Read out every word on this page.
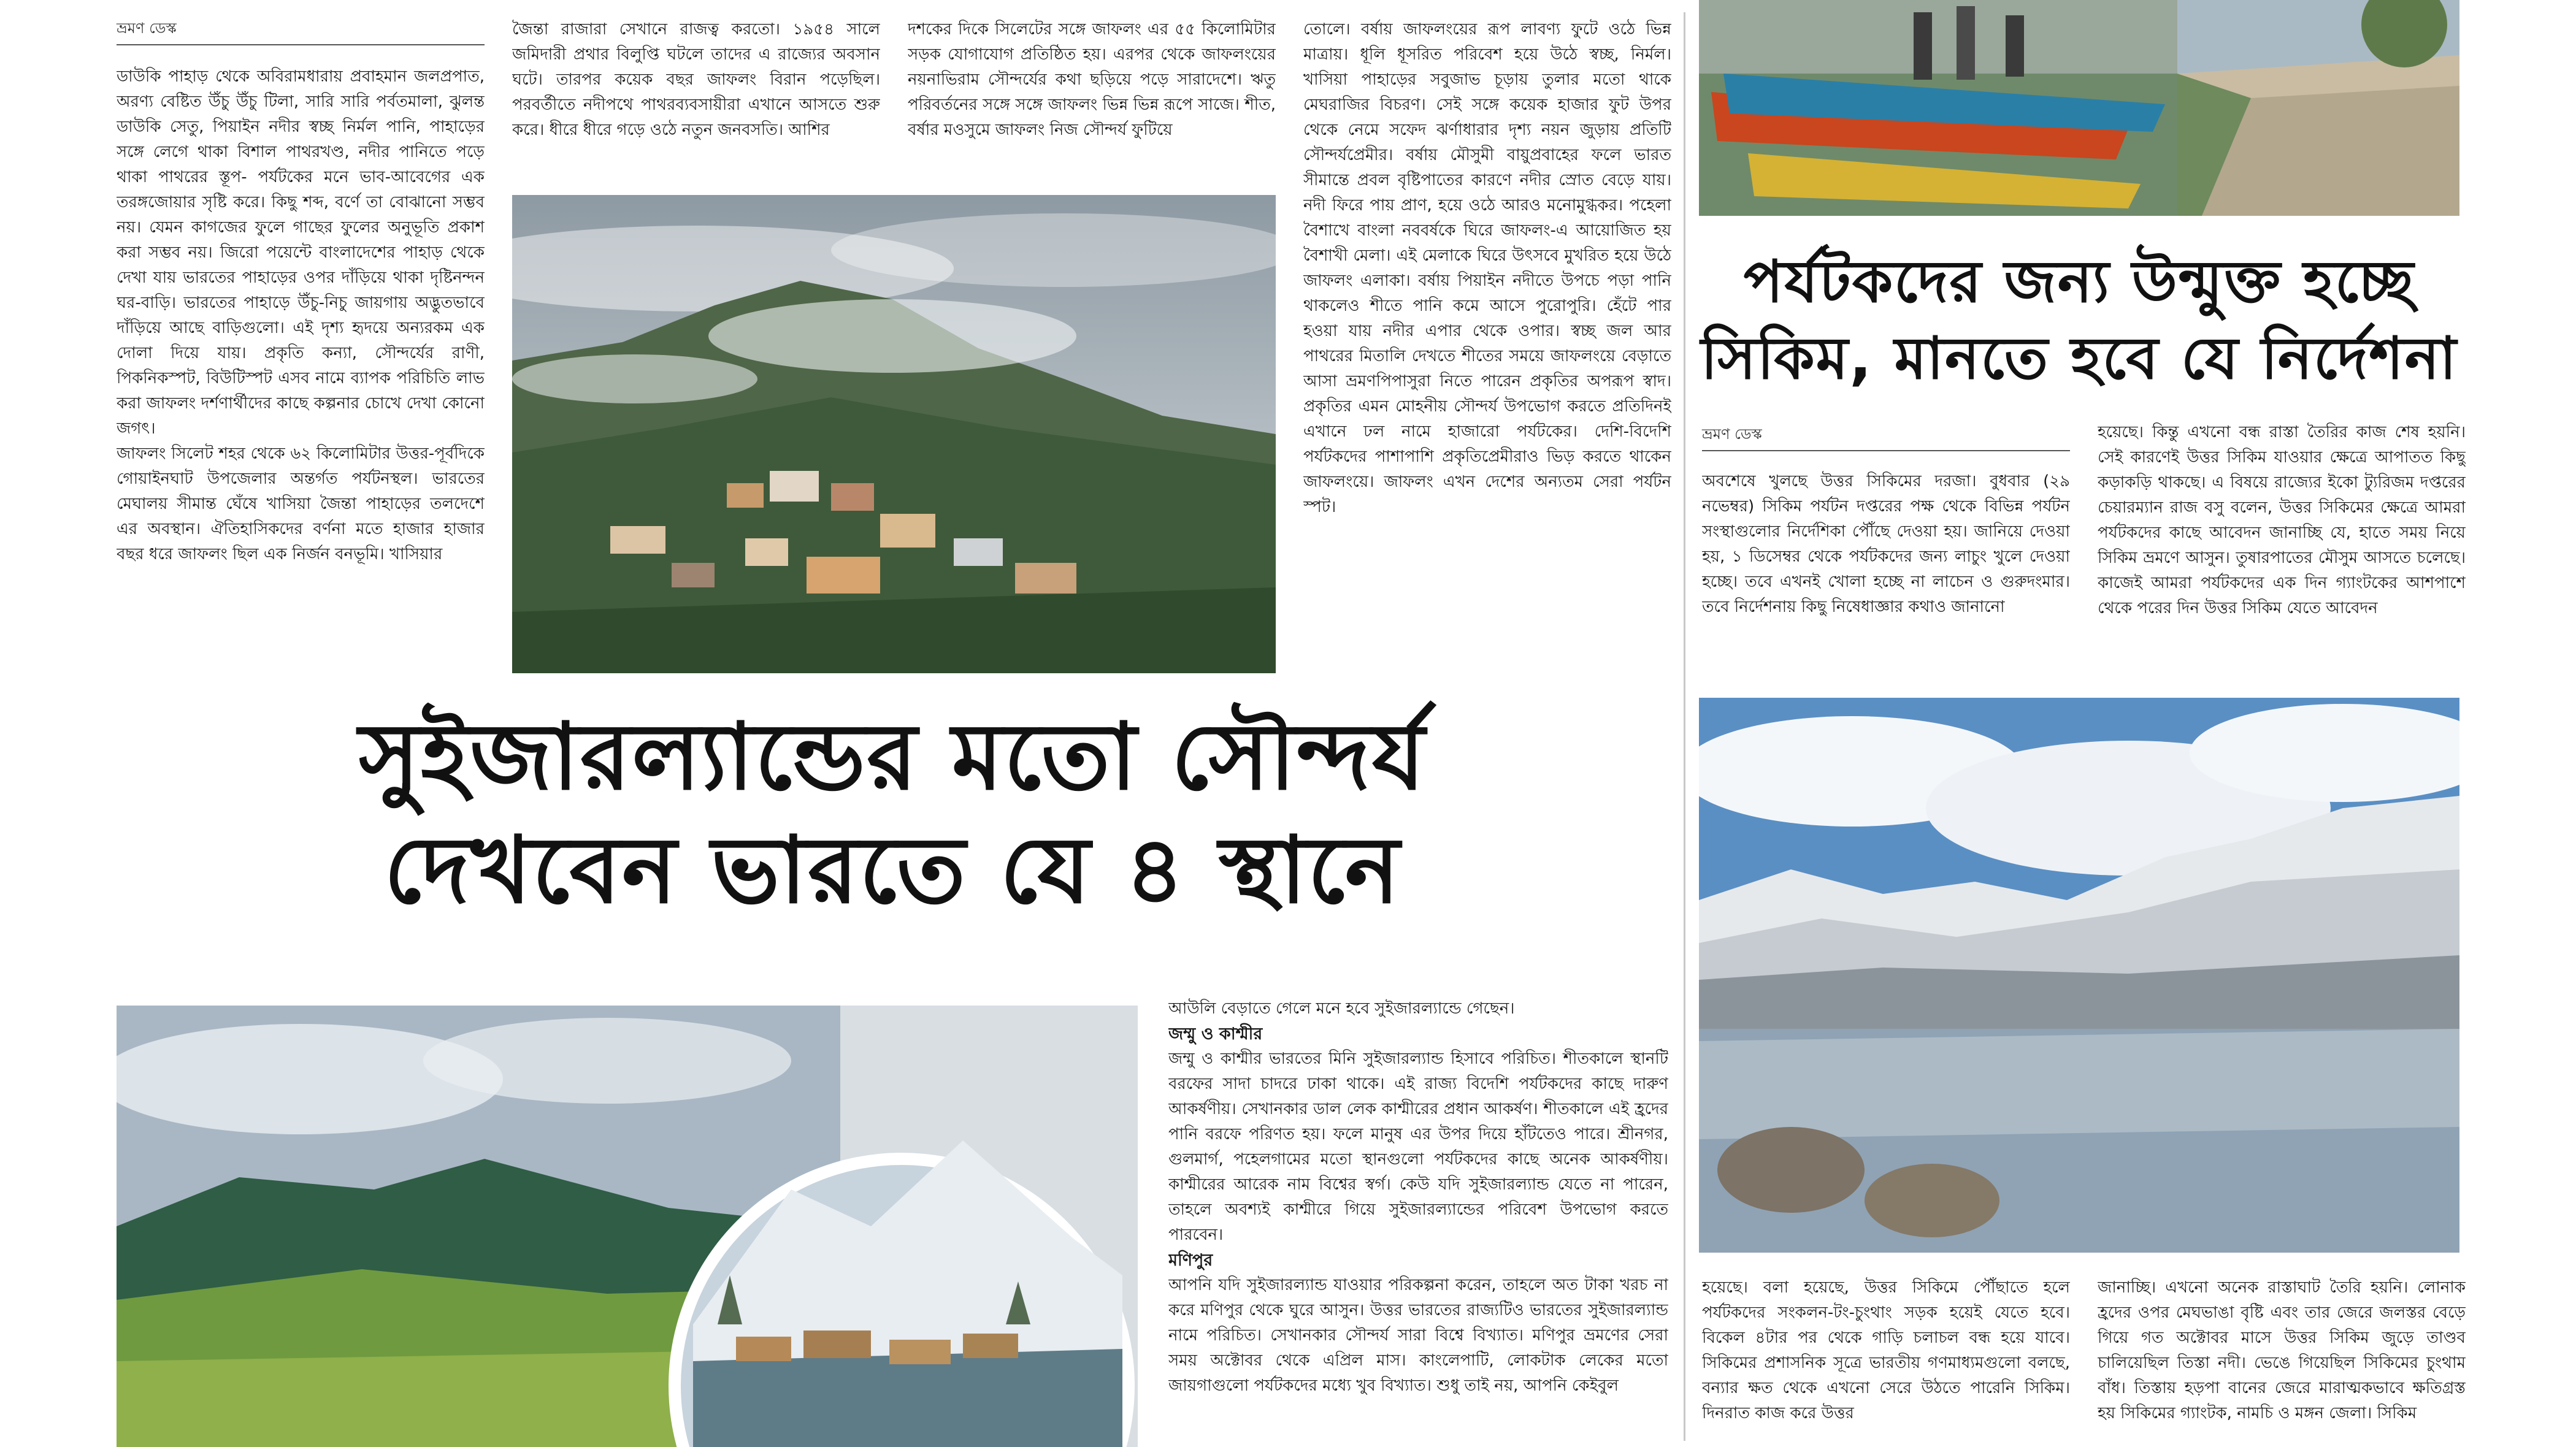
ভ্রমণ ডেস্ক

ডাউকি পাহাড় থেকে অবিরামধারায় প্রবাহমান জলপ্রপাত, অরণ্য বেষ্টিত উঁচু উঁচু টিলা, সারি সারি পর্বতমালা, ঝুলন্ত ডাউকি সেতু, পিয়াইন নদীর স্বচ্ছ নির্মল পানি, পাহাড়ের সঙ্গে লেগে থাকা বিশাল পাথরখণ্ড, নদীর পানিতে পড়ে থাকা পাথরের স্তূপ- পর্যটকের মনে ভাব-আবেগের এক তরঙ্গজোয়ার সৃষ্টি করে। কিছু শব্দ, বর্ণে তা বোঝানো সম্ভব নয়। যেমন কাগজের ফুলে গাছের ফুলের অনুভূতি প্রকাশ করা সম্ভব নয়। জিরো পয়েন্টে বাংলাদেশের পাহাড় থেকে দেখা যায় ভারতের পাহাড়ের ওপর দাঁড়িয়ে থাকা দৃষ্টিনন্দন ঘর-বাড়ি। ভারতের পাহাড়ে উঁচু-নিচু জায়গায় অদ্ভুতভাবে দাঁড়িয়ে আছে বাড়িগুলো। এই দৃশ্য হৃদয়ে অন্যরকম এক দোলা দিয়ে যায়। প্রকৃতি কন্যা, সৌন্দর্যের রাণী, পিকনিকস্পট, বিউটিস্পট এসব নামে ব্যাপক পরিচিতি লাভ করা জাফলং দর্শণার্থীদের কাছে কল্পনার চোখে দেখা কোনো জগৎ।

জাফলং সিলেট শহর থেকে ৬২ কিলোমিটার উত্তর-পূর্বদিকে গোয়াইনঘাট উপজেলার অন্তর্গত পর্যটনস্থল। ভারতের মেঘালয় সীমান্ত ঘেঁষে খাসিয়া জৈন্তা পাহাড়ের তলদেশে এর অবস্থান। ঐতিহাসিকদের বর্ণনা মতে হাজার হাজার বছর ধরে জাফলং ছিল এক নির্জন বনভূমি। খাসিয়ার

জৈন্তা রাজারা সেখানে রাজত্ব করতো। ১৯৫৪ সালে জমিদারী প্রথার বিলুপ্তি ঘটলে তাদের এ রাজ্যের অবসান ঘটে। তারপর কয়েক বছর জাফলং বিরান পড়েছিল। পরবর্তীতে নদীপথে পাথরব্যবসায়ীরা এখানে আসতে শুরু করে। ধীরে ধীরে গড়ে ওঠে নতুন জনবসতি। আশির

দশকের দিকে সিলেটের সঙ্গে জাফলং এর ৫৫ কিলোমিটার সড়ক যোগাযোগ প্রতিষ্ঠিত হয়। এরপর থেকে জাফলংয়ের নয়নাভিরাম সৌন্দর্যের কথা ছড়িয়ে পড়ে সারাদেশে। ঋতু পরিবর্তনের সঙ্গে সঙ্গে জাফলং ভিন্ন ভিন্ন রূপে সাজে। শীত, বর্ষার মওসুমে জাফলং নিজ সৌন্দর্য ফুটিয়ে

তোলে। বর্ষায় জাফলংয়ের রূপ লাবণ্য ফুটে ওঠে ভিন্ন মাত্রায়। ধূলি ধূসরিত পরিবেশ হয়ে উঠে স্বচ্ছ, নির্মল। খাসিয়া পাহাড়ের সবুজাভ চূড়ায় তুলার মতো থাকে মেঘরাজির বিচরণ। সেই সঙ্গে কয়েক হাজার ফুট উপর থেকে নেমে সফেদ ঝর্ণাধারার দৃশ্য নয়ন জুড়ায় প্রতিটি সৌন্দর্যপ্রেমীর। বর্ষায় মৌসুমী বায়ুপ্রবাহের ফলে ভারত সীমান্তে প্রবল বৃষ্টিপাতের কারণে নদীর স্রোত বেড়ে যায়। নদী ফিরে পায় প্রাণ, হয়ে ওঠে আরও মনোমুগ্ধকর। পহেলা বৈশাখে বাংলা নববর্ষকে ঘিরে জাফলং-এ আয়োজিত হয় বৈশাখী মেলা। এই মেলাকে ঘিরে উৎসবে মুখরিত হয়ে উঠে জাফলং এলাকা। বর্ষায় পিয়াইন নদীতে উপচে পড়া পানি থাকলেও শীতে পানি কমে আসে পুরোপুরি। হেঁটে পার হওয়া যায় নদীর এপার থেকে ওপার। স্বচ্ছ জল আর পাথরের মিতালি দেখতে শীতের সময়ে জাফলংয়ে বেড়াতে আসা ভ্রমণপিপাসুরা নিতে পারেন প্রকৃতির অপরূপ স্বাদ। প্রকৃতির এমন মোহনীয় সৌন্দর্য উপভোগ করতে প্রতিদিনই এখানে ঢল নামে হাজারো পর্যটকের। দেশি-বিদেশি পর্যটকদের পাশাপাশি প্রকৃতিপ্রেমীরাও ভিড় করতে থাকেন জাফলংয়ে। জাফলং এখন দেশের অন্যতম সেরা পর্যটন স্পট।

সুইজারল্যান্ডের মতো সৌন্দর্য
দেখবেন ভারতে যে ৪ স্থানে

আউলি বেড়াতে গেলে মনে হবে সুইজারল্যান্ডে গেছেন।

জম্মু ও কাশ্মীর

জম্মু ও কাশ্মীর ভারতের মিনি সুইজারল্যান্ড হিসাবে পরিচিত। শীতকালে স্থানটি বরফের সাদা চাদরে ঢাকা থাকে। এই রাজ্য বিদেশি পর্যটকদের কাছে দারুণ আকর্ষণীয়। সেখানকার ডাল লেক কাশ্মীরের প্রধান আকর্ষণ। শীতকালে এই হ্রদের পানি বরফে পরিণত হয়। ফলে মানুষ এর উপর দিয়ে হাঁটতেও পারে। শ্রীনগর, গুলমার্গ, পহেলগামের মতো স্থানগুলো পর্যটকদের কাছে অনেক আকর্ষণীয়। কাশ্মীরের আরেক নাম বিশ্বের স্বর্গ। কেউ যদি সুইজারল্যান্ড যেতে না পারেন, তাহলে অবশ্যই কাশ্মীরে গিয়ে সুইজারল্যান্ডের পরিবেশ উপভোগ করতে পারবেন।

মণিপুর

আপনি যদি সুইজারল্যান্ড যাওয়ার পরিকল্পনা করেন, তাহলে অত টাকা খরচ না করে মণিপুর থেকে ঘুরে আসুন। উত্তর ভারতের রাজ্যটিও ভারতের সুইজারল্যান্ড নামে পরিচিত। সেখানকার সৌন্দর্য সারা বিশ্বে বিখ্যাত। মণিপুর ভ্রমণের সেরা সময় অক্টোবর থেকে এপ্রিল মাস। কাংলেপাটি, লোকটাক লেকের মতো জায়গাগুলো পর্যটকদের মধ্যে খুব বিখ্যাত। শুধু তাই নয়, আপনি কেইবুল

পর্যটকদের জন্য উন্মুক্ত হচ্ছে
সিকিম, মানতে হবে যে নির্দেশনা
ভ্রমণ ডেস্ক

অবশেষে খুলছে উত্তর সিকিমের দরজা। বুধবার (২৯ নভেম্বর) সিকিম পর্যটন দপ্তরের পক্ষ থেকে বিভিন্ন পর্যটন সংস্থাগুলোর নির্দেশিকা পৌঁছে দেওয়া হয়। জানিয়ে দেওয়া হয়, ১ ডিসেম্বর থেকে পর্যটকদের জন্য লাচুং খুলে দেওয়া হচ্ছে। তবে এখনই খোলা হচ্ছে না লাচেন ও গুরুদংমার। তবে নির্দেশনায় কিছু নিষেধাজ্ঞার কথাও জানানো

হয়েছে। কিন্তু এখনো বন্ধ রাস্তা তৈরির কাজ শেষ হয়নি। সেই কারণেই উত্তর সিকিম যাওয়ার ক্ষেত্রে আপাতত কিছু কড়াকড়ি থাকছে। এ বিষয়ে রাজ্যের ইকো ট্যুরিজম দপ্তরের চেয়ারম্যান রাজ বসু বলেন, উত্তর সিকিমের ক্ষেত্রে আমরা পর্যটকদের কাছে আবেদন জানাচ্ছি যে, হাতে সময় নিয়ে সিকিম ভ্রমণে আসুন। তুষারপাতের মৌসুম আসতে চলেছে। কাজেই আমরা পর্যটকদের এক দিন গ্যাংটকের আশপাশে থেকে পরের দিন উত্তর সিকিম যেতে আবেদন

হয়েছে। বলা হয়েছে, উত্তর সিকিমে পৌঁছাতে হলে পর্যটকদের সংকলন-টং-চুংথাং সড়ক হয়েই যেতে হবে। বিকেল ৪টার পর থেকে গাড়ি চলাচল বন্ধ হয়ে যাবে। সিকিমের প্রশাসনিক সূত্রে ভারতীয় গণমাধ্যমগুলো বলছে, বন্যার ক্ষত থেকে এখনো সেরে উঠতে পারেনি সিকিম। দিনরাত কাজ করে উত্তর

জানাচ্ছি। এখনো অনেক রাস্তাঘাট তৈরি হয়নি। লোনাক হ্রদের ওপর মেঘভাঙা বৃষ্টি এবং তার জেরে জলস্তর বেড়ে গিয়ে গত অক্টোবর মাসে উত্তর সিকিম জুড়ে তাণ্ডব চালিয়েছিল তিস্তা নদী। ভেঙে গিয়েছিল সিকিমের চুংথাম বাঁধ। তিস্তায় হড়পা বানের জেরে মারাত্মকভাবে ক্ষতিগ্রস্ত হয় সিকিমের গ্যাংটক, নামচি ও মঙ্গন জেলা। সিকিম
